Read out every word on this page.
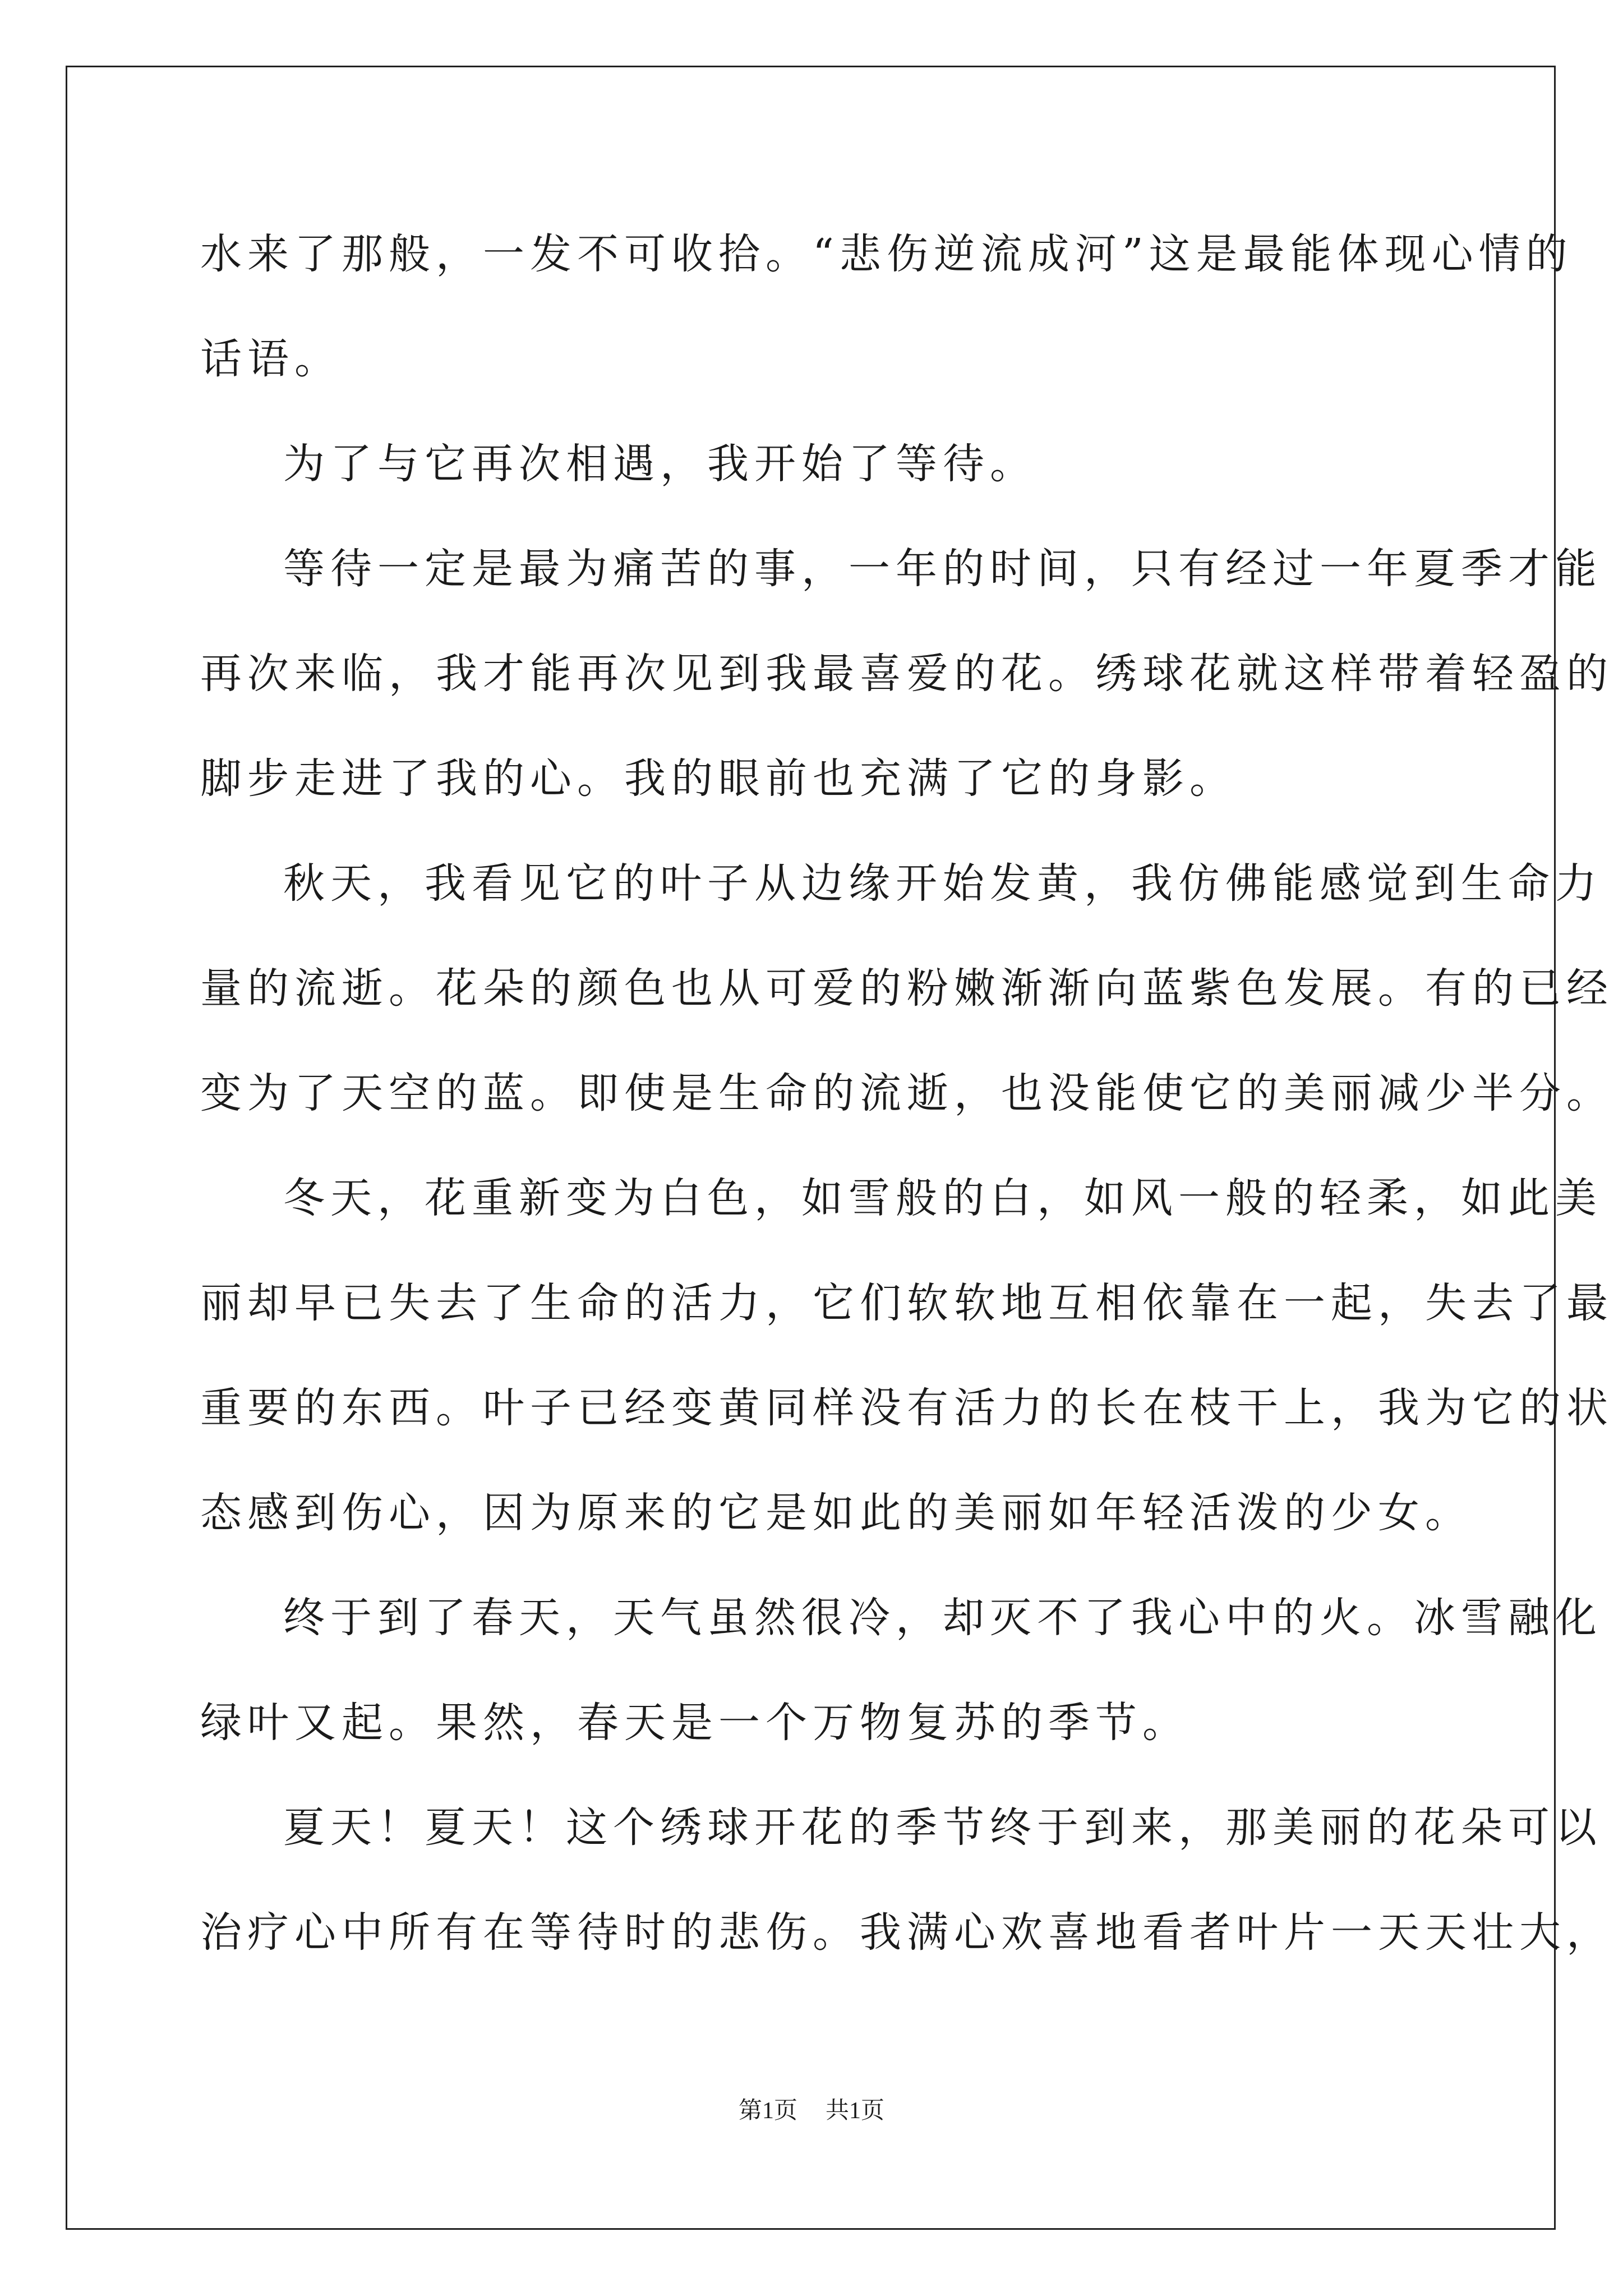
水来了那般，一发不可收拾。“悲伤逆流成河”这是最能体现心情的

话语。

为了与它再次相遇，我开始了等待。

等待一定是最为痛苦的事，一年的时间，只有经过一年夏季才能

再次来临，我才能再次见到我最喜爱的花。绣球花就这样带着轻盈的

脚步走进了我的心。我的眼前也充满了它的身影。

秋天，我看见它的叶子从边缘开始发黄，我仿佛能感觉到生命力

量的流逝。花朵的颜色也从可爱的粉嫩渐渐向蓝紫色发展。有的已经

变为了天空的蓝。即使是生命的流逝，也没能使它的美丽减少半分。

冬天，花重新变为白色，如雪般的白，如风一般的轻柔，如此美

丽却早已失去了生命的活力，它们软软地互相依靠在一起，失去了最

重要的东西。叶子已经变黄同样没有活力的长在枝干上，我为它的状

态感到伤心，因为原来的它是如此的美丽如年轻活泼的少女。

终于到了春天，天气虽然很冷，却灭不了我心中的火。冰雪融化

绿叶又起。果然，春天是一个万物复苏的季节。

夏天！夏天！这个绣球开花的季节终于到来，那美丽的花朵可以

治疗心中所有在等待时的悲伤。我满心欢喜地看者叶片一天天壮大，

第1页 共1页
